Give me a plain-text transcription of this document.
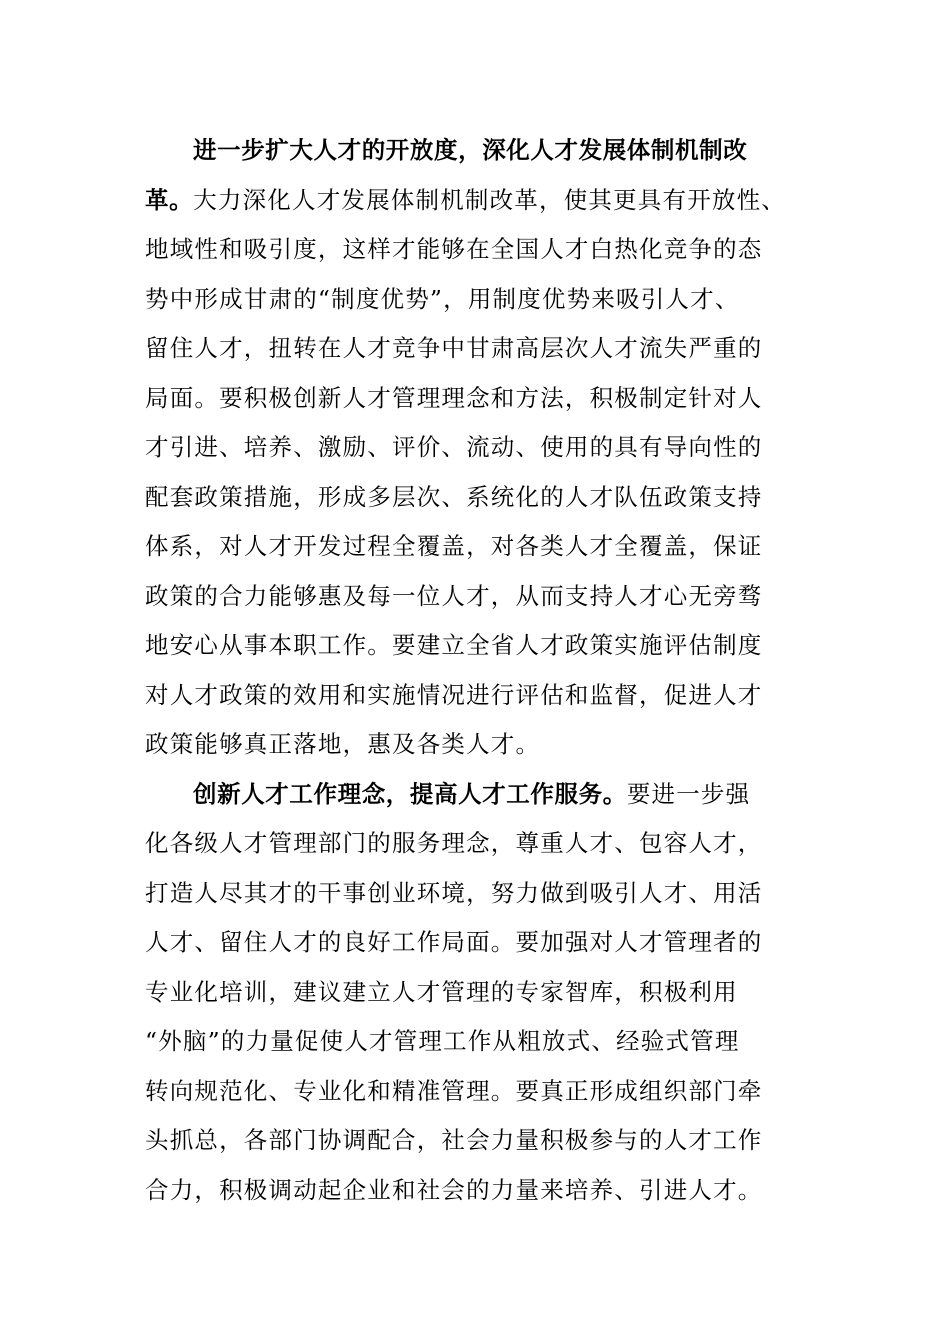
进一步扩大人才的开放度，深化人才发展体制机制改
革。大力深化人才发展体制机制改革，使其更具有开放性、
地域性和吸引度，这样才能够在全国人才白热化竞争的态
势中形成甘肃的“制度优势”，用制度优势来吸引人才、
留住人才，扭转在人才竞争中甘肃高层次人才流失严重的
局面。要积极创新人才管理理念和方法，积极制定针对人
才引进、培养、激励、评价、流动、使用的具有导向性的
配套政策措施，形成多层次、系统化的人才队伍政策支持
体系，对人才开发过程全覆盖，对各类人才全覆盖，保证
政策的合力能够惠及每一位人才，从而支持人才心无旁骛
地安心从事本职工作。要建立全省人才政策实施评估制度
对人才政策的效用和实施情况进行评估和监督，促进人才
政策能够真正落地，惠及各类人才。
创新人才工作理念，提高人才工作服务。要进一步强
化各级人才管理部门的服务理念，尊重人才、包容人才，
打造人尽其才的干事创业环境，努力做到吸引人才、用活
人才、留住人才的良好工作局面。要加强对人才管理者的
专业化培训，建议建立人才管理的专家智库，积极利用
“外脑”的力量促使人才管理工作从粗放式、经验式管理
转向规范化、专业化和精准管理。要真正形成组织部门牵
头抓总，各部门协调配合，社会力量积极参与的人才工作
合力，积极调动起企业和社会的力量来培养、引进人才。
